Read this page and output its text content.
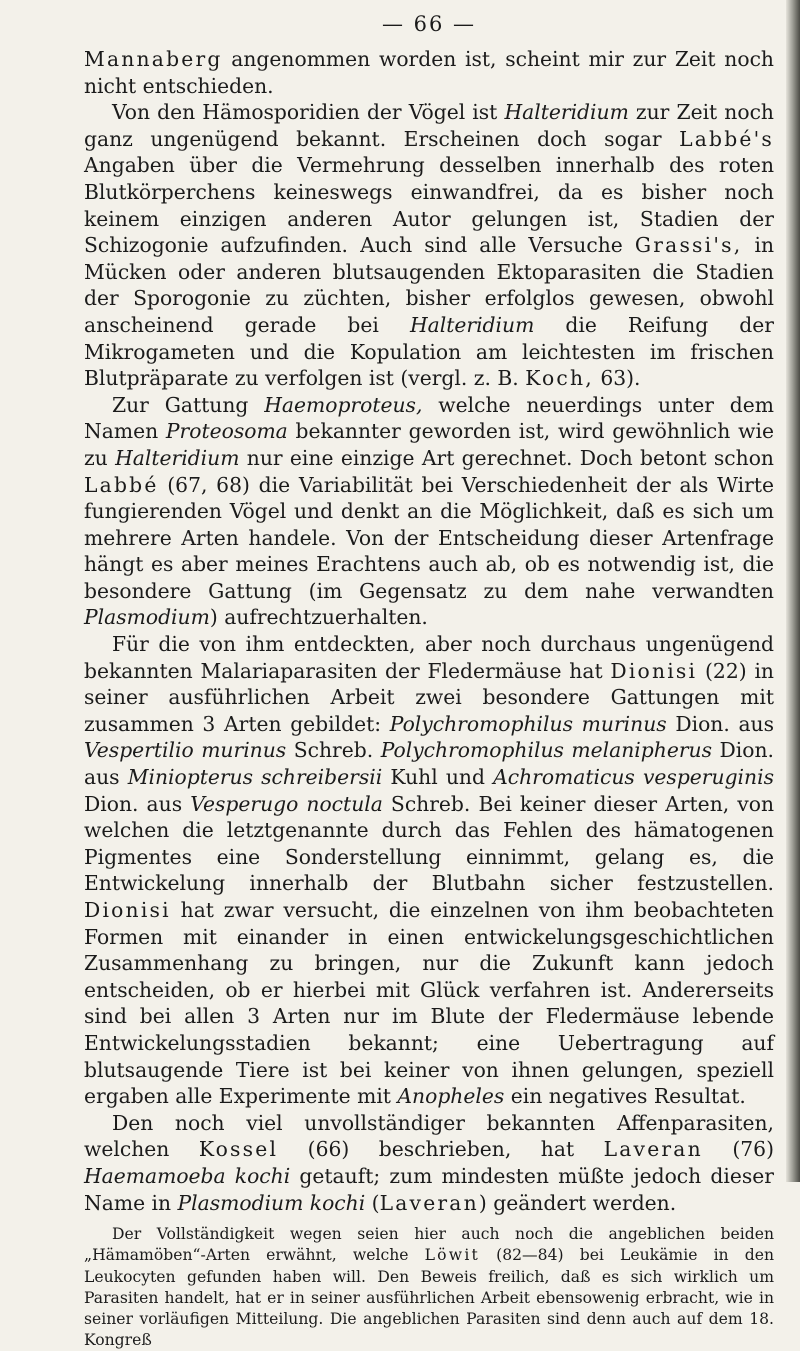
— 66 —

Mannaberg angenommen worden ist, scheint mir zur Zeit noch nicht entschieden.

Von den Hämosporidien der Vögel ist Halteridium zur Zeit noch ganz ungenügend bekannt. Erscheinen doch sogar Labbé's Angaben über die Vermehrung desselben innerhalb des roten Blutkörperchens keineswegs einwandfrei, da es bisher noch keinem einzigen anderen Autor gelungen ist, Stadien der Schizogonie aufzufinden. Auch sind alle Versuche Grassi's, in Mücken oder anderen blutsaugenden Ektoparasiten die Stadien der Sporogonie zu züchten, bisher erfolglos gewesen, obwohl anscheinend gerade bei Halteridium die Reifung der Mikrogameten und die Kopulation am leichtesten im frischen Blutpräparate zu verfolgen ist (vergl. z. B. Koch, 63).

Zur Gattung Haemoproteus, welche neuerdings unter dem Namen Proteosoma bekannter geworden ist, wird gewöhnlich wie zu Halteridium nur eine einzige Art gerechnet. Doch betont schon Labbé (67, 68) die Variabilität bei Verschiedenheit der als Wirte fungierenden Vögel und denkt an die Möglichkeit, daß es sich um mehrere Arten handele. Von der Entscheidung dieser Artenfrage hängt es aber meines Erachtens auch ab, ob es notwendig ist, die besondere Gattung (im Gegensatz zu dem nahe verwandten Plasmodium) aufrechtzuerhalten.

Für die von ihm entdeckten, aber noch durchaus ungenügend bekannten Malariaparasiten der Fledermäuse hat Dionisi (22) in seiner ausführlichen Arbeit zwei besondere Gattungen mit zusammen 3 Arten gebildet: Polychromophilus murinus Dion. aus Vespertilio murinus Schreb. Polychromophilus melanipherus Dion. aus Miniopterus schreibersii Kuhl und Achromaticus vesperuginis Dion. aus Vesperugo noctula Schreb. Bei keiner dieser Arten, von welchen die letztgenannte durch das Fehlen des hämatogenen Pigmentes eine Sonderstellung einnimmt, gelang es, die Entwickelung innerhalb der Blutbahn sicher festzustellen. Dionisi hat zwar versucht, die einzelnen von ihm beobachteten Formen mit einander in einen entwickelungsgeschichtlichen Zusammenhang zu bringen, nur die Zukunft kann jedoch entscheiden, ob er hierbei mit Glück verfahren ist. Andererseits sind bei allen 3 Arten nur im Blute der Fledermäuse lebende Entwickelungsstadien bekannt; eine Uebertragung auf blutsaugende Tiere ist bei keiner von ihnen gelungen, speziell ergaben alle Experimente mit Anopheles ein negatives Resultat.

Den noch viel unvollständiger bekannten Affenparasiten, welchen Kossel (66) beschrieben, hat Laveran (76) Haemamoeba kochi getauft; zum mindesten müßte jedoch dieser Name in Plasmodium kochi (Laveran) geändert werden.

Der Vollständigkeit wegen seien hier auch noch die angeblichen beiden „Hämamöben“-Arten erwähnt, welche Löwit (82—84) bei Leukämie in den Leukocyten gefunden haben will. Den Beweis freilich, daß es sich wirklich um Parasiten handelt, hat er in seiner ausführlichen Arbeit ebensowenig erbracht, wie in seiner vorläufigen Mitteilung. Die angeblichen Parasiten sind denn auch auf dem 18. Kongreß
